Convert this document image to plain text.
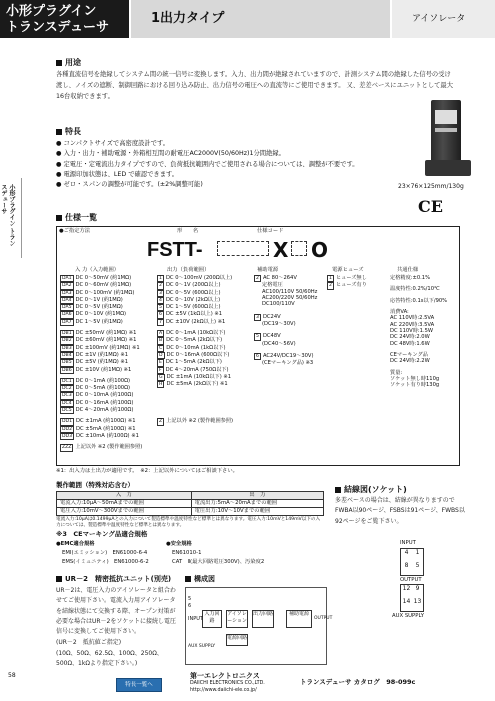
小形プラグイン
トランスデューサ
1出力タイプ	アイソレータ
小形プラグイン トランスデューサ
用途
各種直流信号を絶縁してシステム間の統一信号に変換します。入力、出力間が絶縁されていますので、計測システム間の絶縁した信号の受け渡し、ノイズの遮断、制御回路における回り込み防止、出力信号の電圧への直流等にご使用できます。 又、差差ベースにユニットとして最大16台収納できます。
特長
● コンパクトサイズで高密度設計です。
● 入力・出力・補助電源・外箱相互間の耐電圧AC2000V(50/60Hz)1分間絶縁。
● 定電圧・定電流出力タイプですので、負荷抵抗範囲内でご使用される場合については、調整が不要です。
● 電源印加状態は、LED で確認できます。
● ゼロ・スパンの調整が可能です。(±2%調整可能)	23×76×125mm/130g
CE
仕様一覧
●ご指定方法	形　　名	仕様コード
FSTT-	X O
入 力（入力範囲）	出力（負荷範囲）	補助電源	電源ヒューズ	共通仕様
DA1 DC 0～50mV (約1MΩ)
DA2 DC 0～60mV (約1MΩ)
DA3 DC 0～100mV (約1MΩ)
DA4 DC 0～1V (約1MΩ)
DA5 DC 0～5V (約1MΩ)
DA6 DC 0～10V (約1MΩ)
DA7 DC 1～5V (約1MΩ)
DB1 DC ±50mV (約1MΩ) ※1
DB2 DC ±60mV (約1MΩ) ※1
DB3 DC ±100mV (約1MΩ) ※1
DB4 DC ±1V (約1MΩ) ※1
DB5 DC ±5V (約1MΩ) ※1
DB6 DC ±10V (約1MΩ) ※1
DC1 DC 0～1mA (約100Ω)
DC2 DC 0～5mA (約100Ω)
DC3 DC 0～10mA (約100Ω)
DC4 DC 0～16mA (約100Ω)
DC5 DC 4～20mA (約100Ω)
DD1 DC ±1mA (約100Ω) ※1
DD2 DC ±5mA (約100Ω) ※1
DD3 DC ±10mA (約100Ω) ※1
ZZZ 上記以外 ※2 (製作範囲参照)
1 DC 0～100mV (200Ω以上)
2 DC 0～1V (200Ω以上)
3 DC 0～5V (600Ω以上)
4 DC 0～10V (2kΩ以上)
5 DC 1～5V (600Ω以上)
6 DC ±5V (1kΩ以上) ※1
7 DC ±10V (2kΩ以上) ※1
A DC 0～1mA (10kΩ以下)
B DC 0～5mA (2kΩ以下)
C DC 0～10mA (1kΩ以下)
D DC 0～16mA (600Ω以下)
E DC 1～5mA (2kΩ以下)
F DC 4～20mA (750Ω以下)
G DC ±1mA (10kΩ以下) ※1
H DC ±5mA (2kΩ以下) ※1
Z 上記以外 ※2 (製作範囲参照)
2 AC 80～264V
定格電圧
AC100/110V 50/60Hz
AC200/220V 50/60Hz
DC100/110V
3 DC24V
(DC19～30V)
5 DC48V
(DC40～56V)
6 AC24V/DC19～30V)
(CEマーキング品) ※3
1 ヒューズ無し
2 ヒューズ有り
定格精度:±0.1%
温度特性:0.2%/10℃
応答特性:0.1s以下/90%
消費VA:
AC 110V時:2.5VA
AC 220V時:3.5VA
DC 110V時:1.5W
DC 24V時:2.0W
DC 48V時:1.6W
CEマーキング品
DC 24V時:2.2W
質量:
ソケット無し時110g
ソケット有り時130g
※1：出入力は土出力が適用です。　※2：上記以外についてはご相談下さい。
製作範囲（特殊対応含む）
入　力	出　力
電流入力:10μA～50mAまでの範囲	電流出力:5mA～20mAまでの範囲
電圧入力:10mV～300Vまでの範囲	電圧出力:10V～10Vまでの範囲
電流入力:10μAは0.1499μAとの入力について製造標準や温度特性など標準とは異なります。電圧入力:10mVと149mV以下の入力については、製造標準や温度特性など標準とは異なります。
※3　CEマーキング品適合規格
●EMC適合規格
EMI(エミッション)　 EN61000-6-4
EMS(イミュニティ)　 EN61000-6-2
●安全規格
EN61010-1
CAT　Ⅱ(最大回路電圧300V)、汚染度2
UR－2　精密抵抗ユニット(別売)
UR－2は、電圧入力のアイソレータと組合わせてご使用下さい。電流入力用アイソレータを結線状態にて交換する際、オープン対策が必要な場合はUR－2をソケットに接続し電圧信号に変換してご使用下さい。
(UR－2　抵抗値ご指定)
(10Ω、50Ω、62.5Ω、100Ω、250Ω、500Ω、1kΩより指定下さい。)
構成図
入力回路
アイソレーション
出力回路
電源回路
補助電源
5
6
INPUT
AUX SUPPLY
OUTPUT
結線図(ソケット)
多差ベースの場合は、結線が異なりますのでFWBA以90ページ、FSBSは91ページ、FWBS以92ページをご覧下さい。
INPUT
4	1
8	5
OUTPUT
12 9
14 13
AUX SUPPLY
58
特長一覧へ
第一エレクトロニクス
DAIICHI ELECTRONICS CO.,LTD.
http://www.daiichi-ele.co.jp/
トランスデューサ カタログ　98-099c
